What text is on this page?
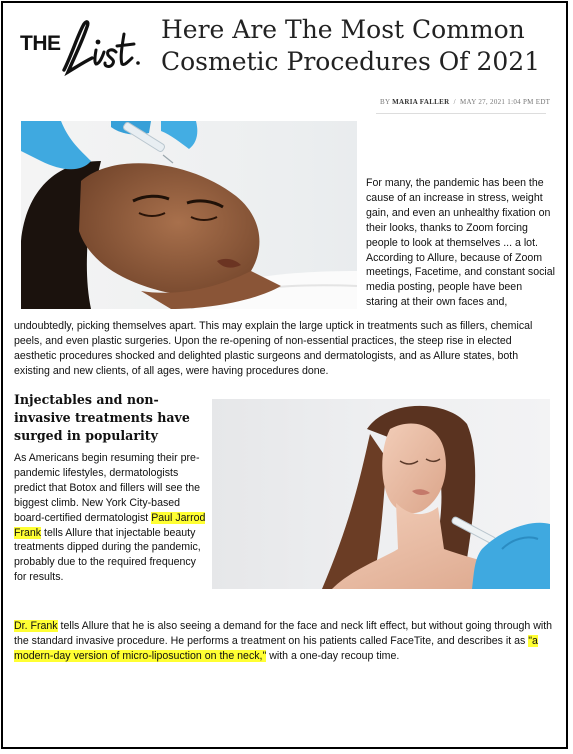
THE	Here Are The Most Common Cosmetic Procedures Of 2021
BY MARIA FALLER / MAY 27, 2021 1:04 PM EDT
For many, the pandemic has been the cause of an increase in stress, weight gain, and even an unhealthy fixation on their looks, thanks to Zoom forcing people to look at themselves ... a lot. According to Allure, because of Zoom meetings, Facetime, and constant social media posting, people have been staring at their own faces and,
undoubtedly, picking themselves apart. This may explain the large uptick in treatments such as fillers, chemical peels, and even plastic surgeries. Upon the re-opening of non-essential practices, the steep rise in elected aesthetic procedures shocked and delighted plastic surgeons and dermatologists, and as Allure states, both existing and new clients, of all ages, were having procedures done.
Injectables and non-invasive treatments have surged in popularity
As Americans begin resuming their pre-pandemic lifestyles, dermatologists predict that Botox and fillers will see the biggest climb. New York City-based board-certified dermatologist Paul Jarrod Frank tells Allure that injectable beauty treatments dipped during the pandemic, probably due to the required frequency for results.
Dr. Frank tells Allure that he is also seeing a demand for the face and neck lift effect, but without going through with the standard invasive procedure. He performs a treatment on his patients called FaceTite, and describes it as "a modern-day version of micro-liposuction on the neck," with a one-day recoup time.
